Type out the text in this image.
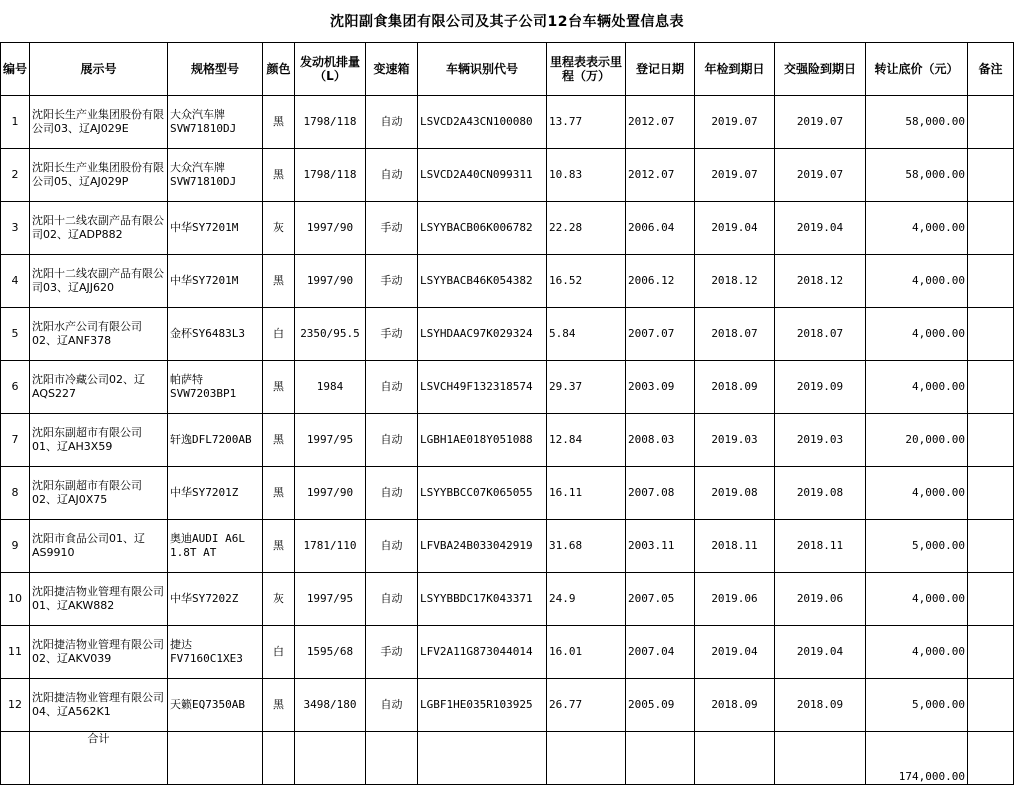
沈阳副食集团有限公司及其子公司12台车辆处置信息表
编号	展示号	规格型号	颜色	发动机排量（L）	变速箱	车辆识别代号	里程表表示里程（万）	登记日期	年检到期日	交强险到期日	转让底价（元）	备注
1	沈阳长生产业集团股份有限公司03、辽AJ029E	大众汽车牌SVW71810DJ	黑	1798/118	自动	LSVCD2A43CN100080	13.77	2012.07	2019.07	2019.07	58,000.00	
2	沈阳长生产业集团股份有限公司05、辽AJ029P	大众汽车牌SVW71810DJ	黑	1798/118	自动	LSVCD2A40CN099311	10.83	2012.07	2019.07	2019.07	58,000.00	
3	沈阳十二线农副产品有限公司02、辽ADP882	中华SY7201M	灰	1997/90	手动	LSYYBACB06K006782	22.28	2006.04	2019.04	2019.04	4,000.00	
4	沈阳十二线农副产品有限公司03、辽AJJ620	中华SY7201M	黑	1997/90	手动	LSYYBACB46K054382	16.52	2006.12	2018.12	2018.12	4,000.00	
5	沈阳水产公司有限公司02、辽ANF378	金杯SY6483L3	白	2350/95.5	手动	LSYHDAAC97K029324	5.84	2007.07	2018.07	2018.07	4,000.00	
6	沈阳市冷藏公司02、辽AQS227	帕萨特SVW7203BP1	黑	1984	自动	LSVCH49F132318574	29.37	2003.09	2018.09	2019.09	4,000.00	
7	沈阳东副超市有限公司01、辽AH3X59	轩逸DFL7200AB	黑	1997/95	自动	LGBH1AE018Y051088	12.84	2008.03	2019.03	2019.03	20,000.00	
8	沈阳东副超市有限公司02、辽AJ0X75	中华SY7201Z	黑	1997/90	自动	LSYYBBCC07K065055	16.11	2007.08	2019.08	2019.08	4,000.00	
9	沈阳市食品公司01、辽AS9910	奥迪AUDI A6L 1.8T AT	黑	1781/110	自动	LFVBA24B033042919	31.68	2003.11	2018.11	2018.11	5,000.00	
10	沈阳捷洁物业管理有限公司01、辽AKW882	中华SY7202Z	灰	1997/95	自动	LSYYBBDC17K043371	24.9	2007.05	2019.06	2019.06	4,000.00	
11	沈阳捷洁物业管理有限公司02、辽AKV039	捷达FV7160C1XE3	白	1595/68	手动	LFV2A11G873044014	16.01	2007.04	2019.04	2019.04	4,000.00	
12	沈阳捷洁物业管理有限公司04、辽A562K1	天籁EQ7350AB	黑	3498/180	自动	LGBF1HE035R103925	26.77	2005.09	2018.09	2018.09	5,000.00	
	合计										174,000.00	
